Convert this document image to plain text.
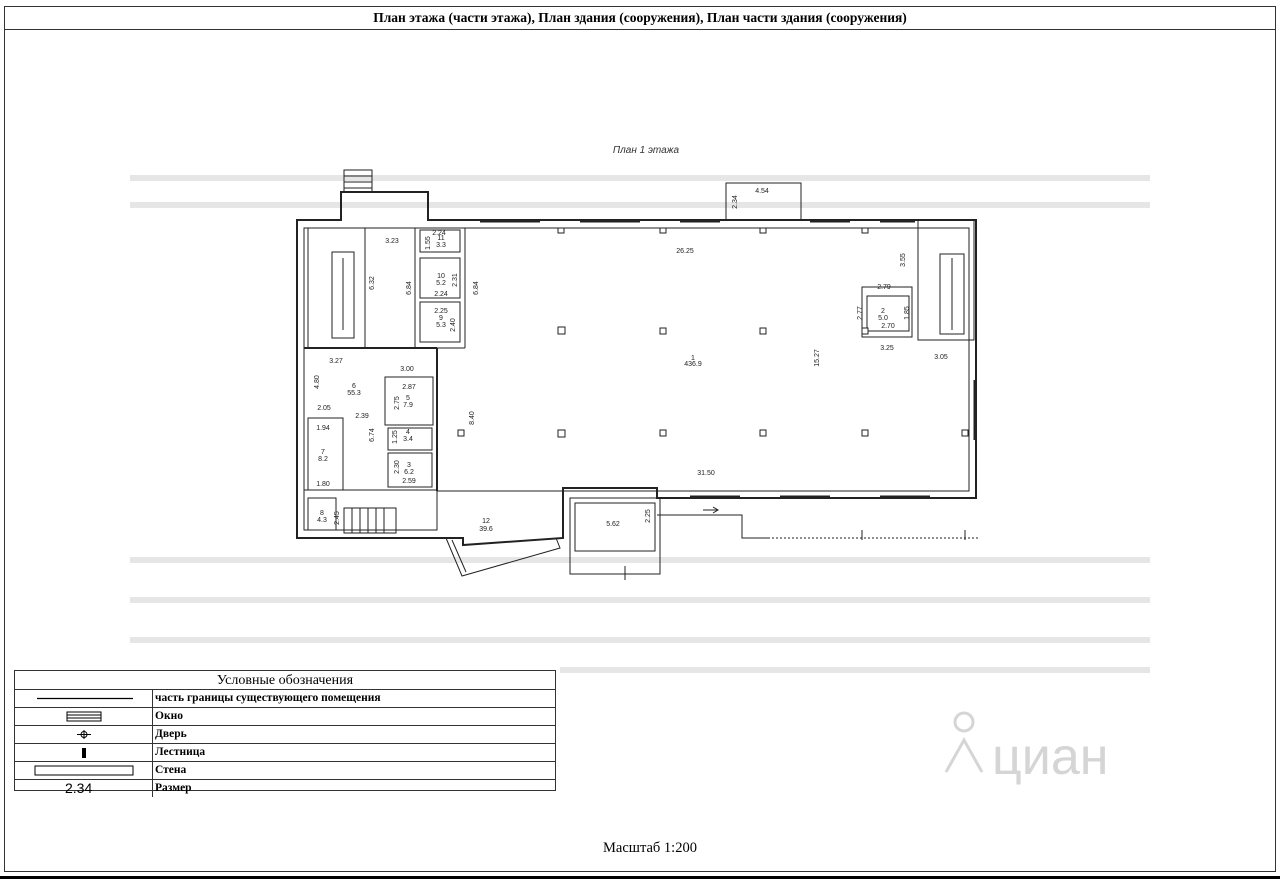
План 1 этажа
26.25
4.54
2.34
31.50
6.32
3.23
3.27
3.55
3.05
15.27
8.40
6.84	6.84
2.31
2.24
2.24
2.25
2.40
1.55
3.00
2.87
2.75
2.39
6.74 1.25
2.30
2.59
4.80
2.05
1.94
1.80
2.45
2.79
2.77	1.85
2.70
3.25
5.62
2.25
1
436.9
2
5.0
3
6.2
4
3.4
5
7.9
6
55.3
7
8.2
8
4.3
9
5.3
10
5.2
11
3.3
12
39.6
План этажа (части этажа), План здания (сооружения), План части здания (сооружения)
Условные обозначения
часть границы существующего помещения
Окно
Дверь
Лестница
Стена
2.34	Размер
циан
Масштаб 1:200
